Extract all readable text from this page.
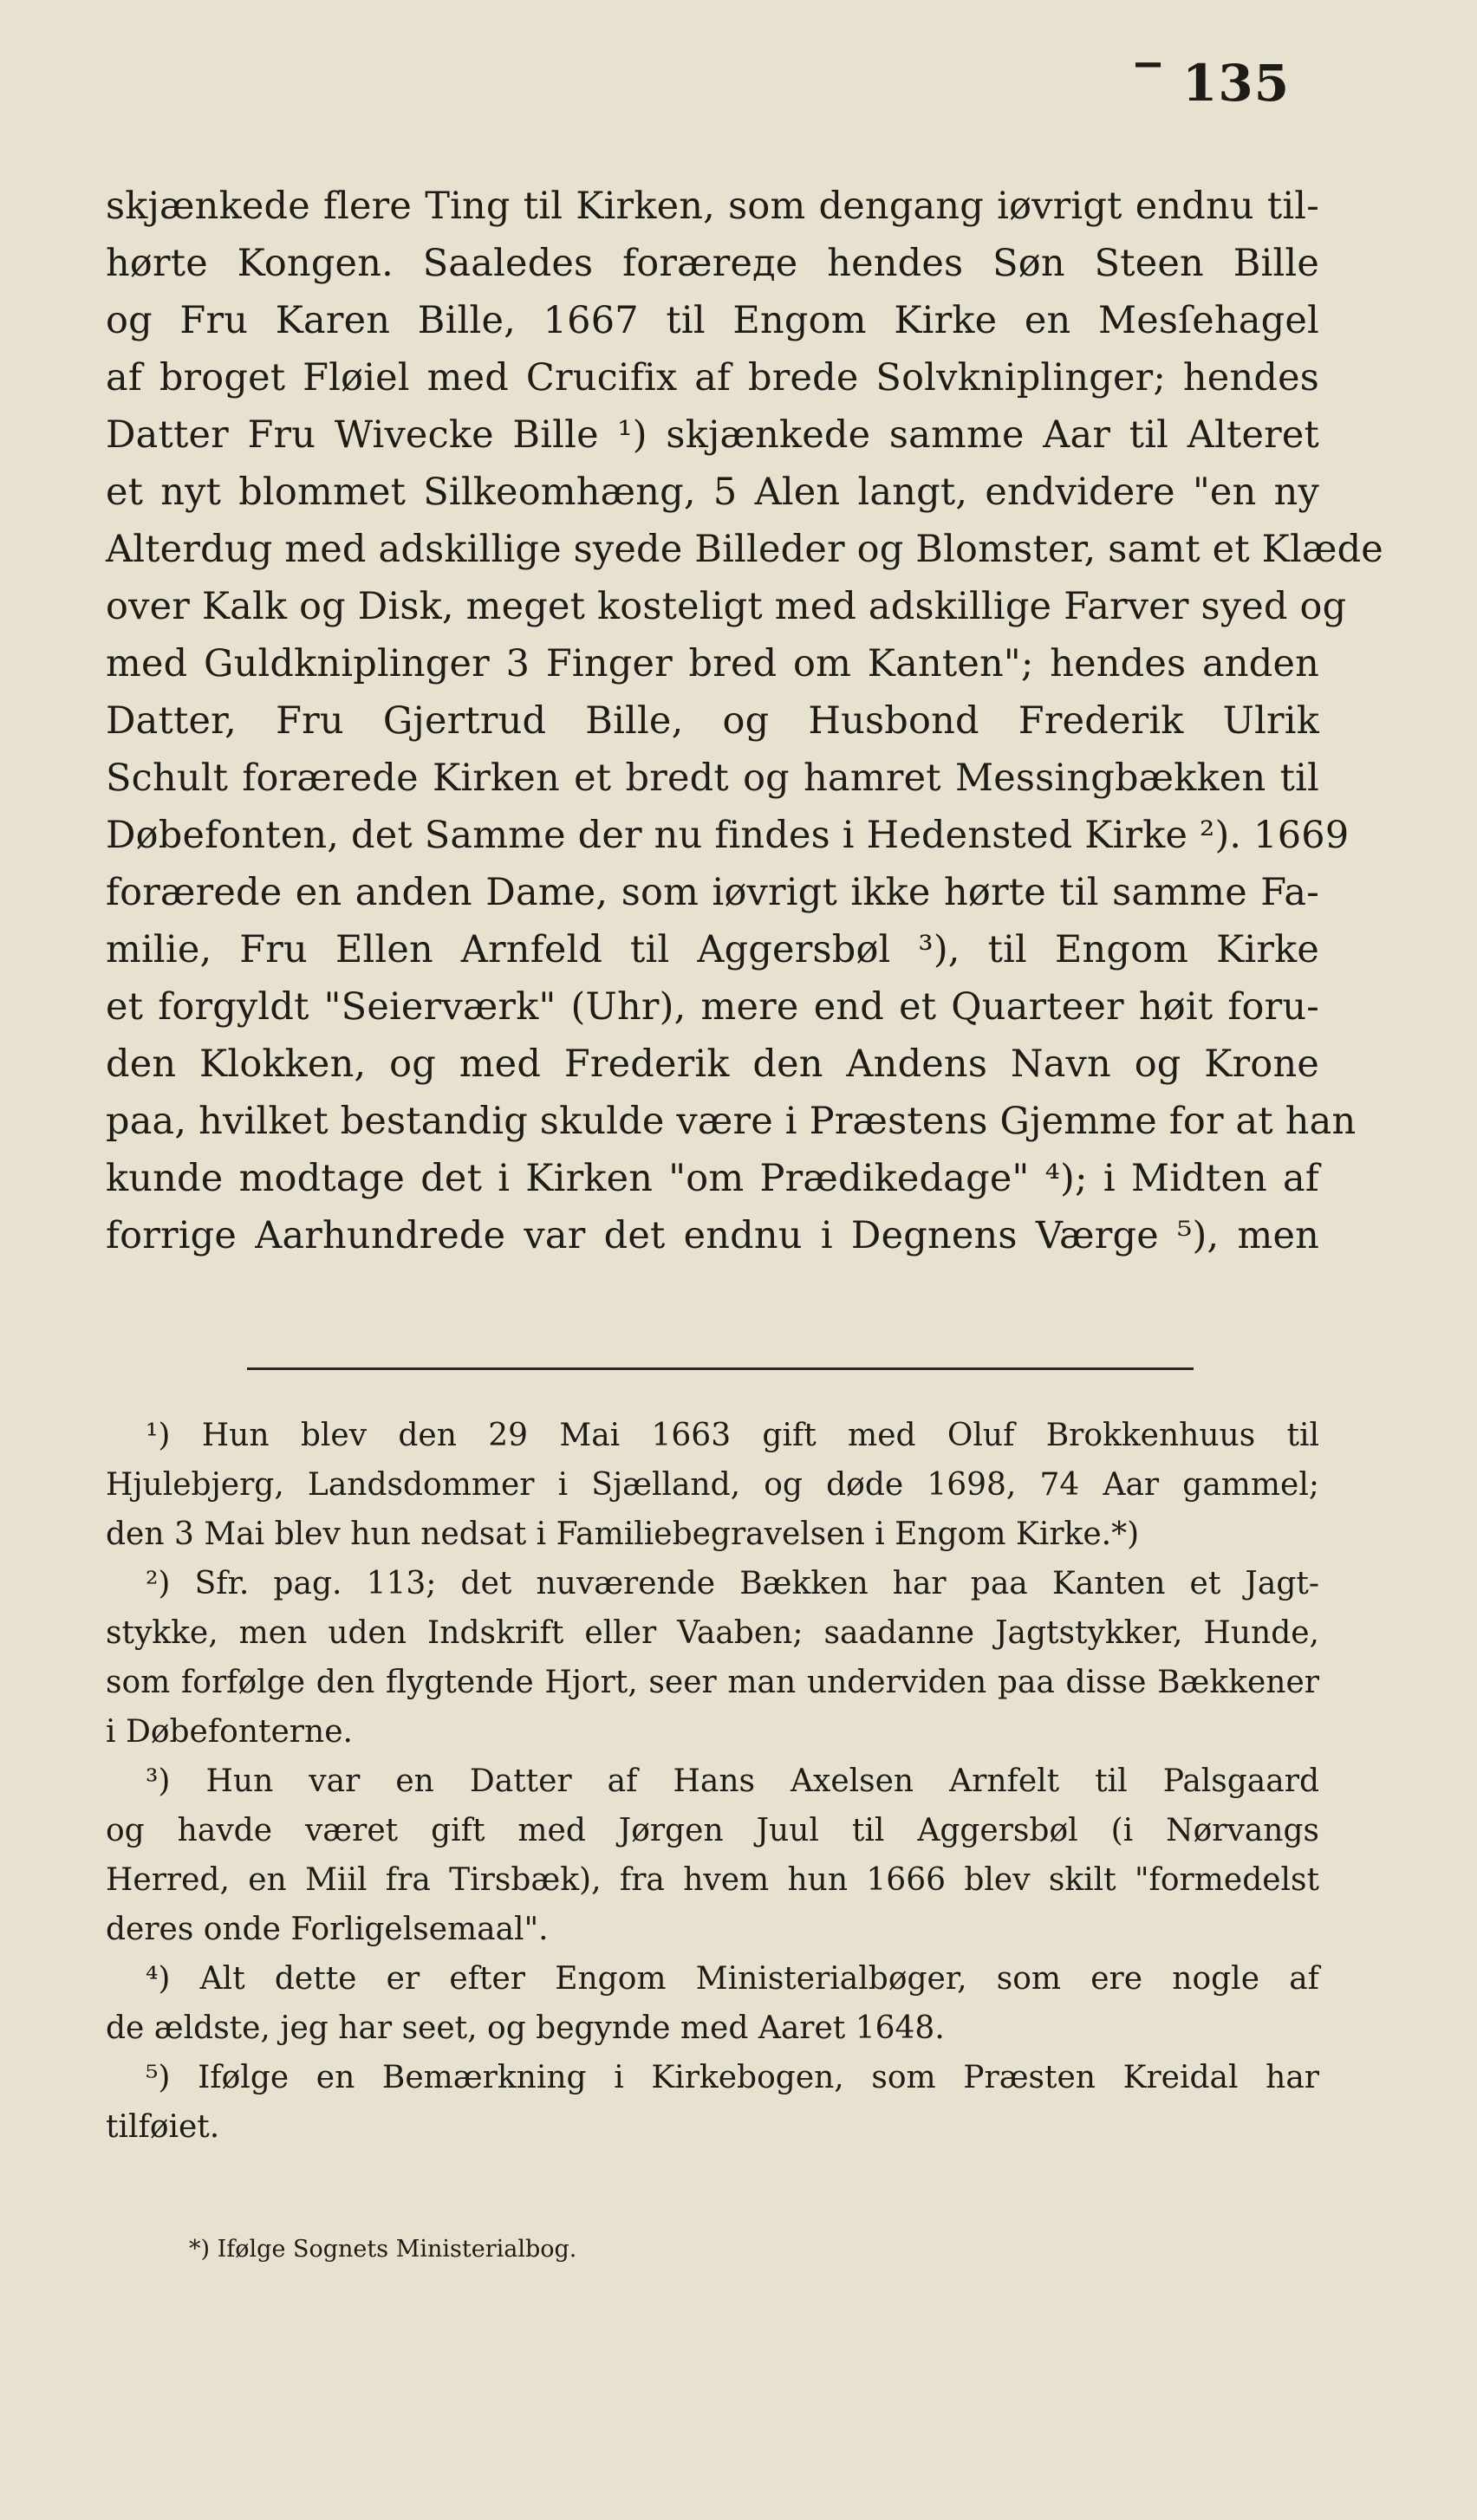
‾ 135
skjænkede flere Ting til Kirken, som dengang iøvrigt endnu til-
hørte Kongen. Saaledes foræreде hendes Søn Steen Bille
og Fru Karen Bille, 1667 til Engom Kirke en Mesſehagel
af broget Fløiel med Crucifix af brede Solvkniplinger; hendes
Datter Fru Wivecke Bille ¹) skjænkede samme Aar til Alteret
et nyt blommet Silkeomhæng, 5 Alen langt, endvidere "en ny
Alterdug med adskillige syede Billeder og Blomster, samt et Klæde
over Kalk og Disk, meget kosteligt med adskillige Farver syed og
med Guldkniplinger 3 Finger bred om Kanten"; hendes anden
Datter, Fru Gjertrud Bille, og Husbond Frederik Ulrik
Schult forærede Kirken et bredt og hamret Messingbækken til
Døbefonten, det Samme der nu findes i Hedensted Kirke ²). 1669
forærede en anden Dame, som iøvrigt ikke hørte til samme Fa-
milie, Fru Ellen Arnfeld til Aggersbøl ³), til Engom Kirke
et forgyldt "Seierværk" (Uhr), mere end et Quarteer høit foru-
den Klokken, og med Frederik den Andens Navn og Krone
paa, hvilket bestandig skulde være i Præstens Gjemme for at han
kunde modtage det i Kirken "om Prædikedage" ⁴); i Midten af
forrige Aarhundrede var det endnu i Degnens Værge ⁵), men
¹) Hun blev den 29 Mai 1663 gift med Oluf Brokkenhuus til
Hjulebjerg, Landsdommer i Sjælland, og døde 1698, 74 Aar gammel;
den 3 Mai blev hun nedsat i Familiebegravelsen i Engom Kirke.*)
²) Sfr. pag. 113; det nuværende Bækken har paa Kanten et Jagt-
stykke, men uden Indskrift eller Vaaben; saadanne Jagtstykker, Hunde,
som forfølge den flygtende Hjort, seer man underviden paa disse Bækkener
i Døbefonterne.
³) Hun var en Datter af Hans Axelsen Arnfelt til Palsgaard
og havde været gift med Jørgen Juul til Aggersbøl (i Nørvangs
Herred, en Miil fra Tirsbæk), fra hvem hun 1666 blev skilt "formedelst
deres onde Forligelsemaal".
⁴) Alt dette er efter Engom Ministerialbøger, som ere nogle af
de ældste, jeg har seet, og begynde med Aaret 1648.
⁵) Ifølge en Bemærkning i Kirkebogen, som Præsten Kreidal har
tilføiet.
*) Ifølge Sognets Ministerialbog.
